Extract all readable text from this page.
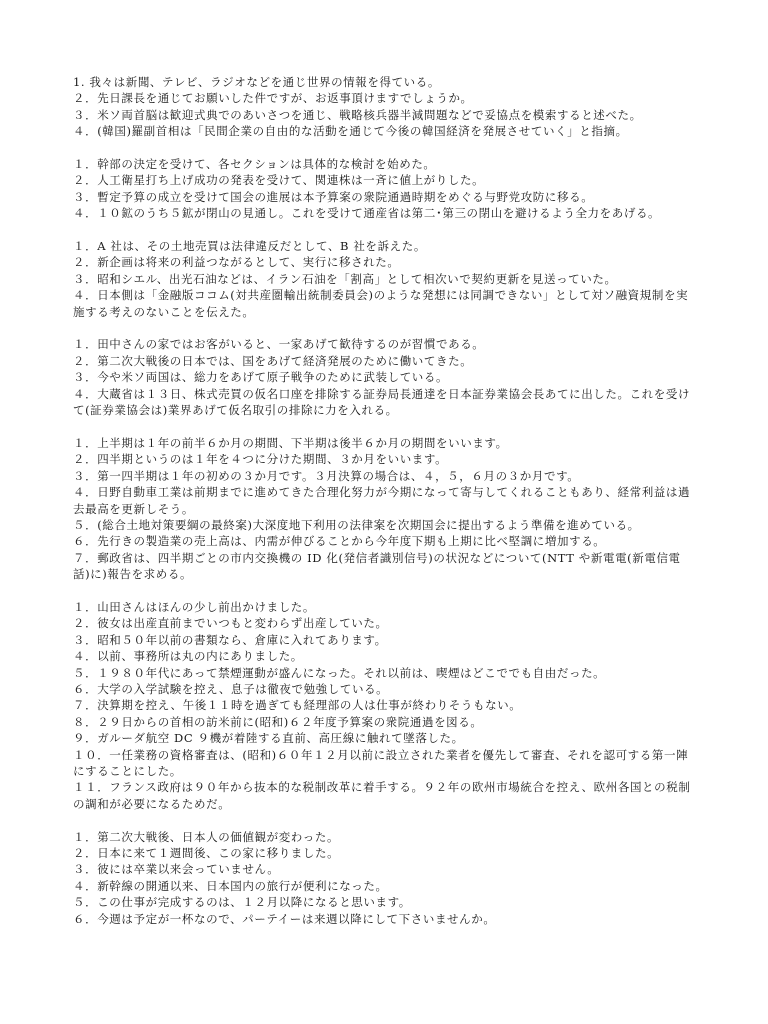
1. 我々は新聞、テレビ、ラジオなどを通じ世界の情報を得ている。

２．先日課長を通じてお願いした件ですが、お返事頂けますでしょうか。

３．米ソ両首脳は歓迎式典でのあいさつを通じ、戦略核兵器半減問題などで妥協点を模索すると述べた。

４．(韓国)羅副首相は「民間企業の自由的な活動を通じて今後の韓国経済を発展させていく」と指摘。

１．幹部の決定を受けて、各セクションは具体的な検討を始めた。

２．人工衛星打ち上げ成功の発表を受けて、関連株は一斉に値上がりした。

３．暫定予算の成立を受けて国会の進展は本予算案の衆院通過時期をめぐる与野党攻防に移る。

４．１０鉱のうち５鉱が閉山の見通し。これを受けて通産省は第二･第三の閉山を避けるよう全力をあげる。

１．A 社は、その土地売買は法律違反だとして、B 社を訴えた。

２．新企画は将来の利益つながるとして、実行に移された。

３．昭和シエル、出光石油などは、イラン石油を「割高」として相次いで契約更新を見送っていた。

４．日本側は「金融版ココム(対共産圏輸出統制委員会)のような発想には同調できない」として対ソ融資規制を実施する考えのないことを伝えた。

１．田中さんの家ではお客がいると、一家あげて歓待するのが習慣である。

２．第二次大戦後の日本では、国をあげて経済発展のために働いてきた。

３．今や米ソ両国は、総力をあげて原子戦争のために武装している。

４．大蔵省は１３日、株式売買の仮名口座を排除する証券局長通達を日本証券業協会長あてに出した。これを受けて(証券業協会は)業界あげて仮名取引の排除に力を入れる。

１．上半期は１年の前半６か月の期間、下半期は後半６か月の期間をいいます。

２．四半期というのは１年を４つに分けた期間、３か月をいいます。

３．第一四半期は１年の初めの３か月です。３月決算の場合は、４，５，６月の３か月です。

４．日野自動車工業は前期までに進めてきた合理化努力が今期になって寄与してくれることもあり、経常利益は過去最高を更新しそう。

５．(総合土地対策要綱の最終案)大深度地下利用の法律案を次期国会に提出するよう準備を進めている。

６．先行きの製造業の売上高は、内需が伸びることから今年度下期も上期に比べ堅調に増加する。

７．郵政省は、四半期ごとの市内交換機の ID 化(発信者識別信号)の状況などについて(NTT や新電電(新電信電話)に)報告を求める。

１．山田さんはほんの少し前出かけました。

２．彼女は出産直前までいつもと変わらず出産していた。

３．昭和５０年以前の書類なら、倉庫に入れてあります。

４．以前、事務所は丸の内にありました。

５．１９８０年代にあって禁煙運動が盛んになった。それ以前は、喫煙はどこででも自由だった。

６．大学の入学試験を控え、息子は徹夜で勉強している。

７．決算期を控え、午後１１時を過ぎても経理部の人は仕事が終わりそうもない。

８．２９日からの首相の訪米前に(昭和)６２年度予算案の衆院通過を図る。

９．ガルーダ航空 DC ９機が着陸する直前、高圧線に触れて墜落した。

１０．一任業務の資格審査は、(昭和)６０年１２月以前に設立された業者を優先して審査、それを認可する第一陣にすることにした。

１１．フランス政府は９０年から抜本的な税制改革に着手する。９２年の欧州市場統合を控え、欧州各国との税制の調和が必要になるためだ。

１．第二次大戦後、日本人の価値観が変わった。

２．日本に来て１週間後、この家に移りました。

３．彼には卒業以来会っていません。

４．新幹線の開通以来、日本国内の旅行が便利になった。

５．この仕事が完成するのは、１２月以降になると思います。

６．今週は予定が一杯なので、パーテイーは来週以降にして下さいませんか。
